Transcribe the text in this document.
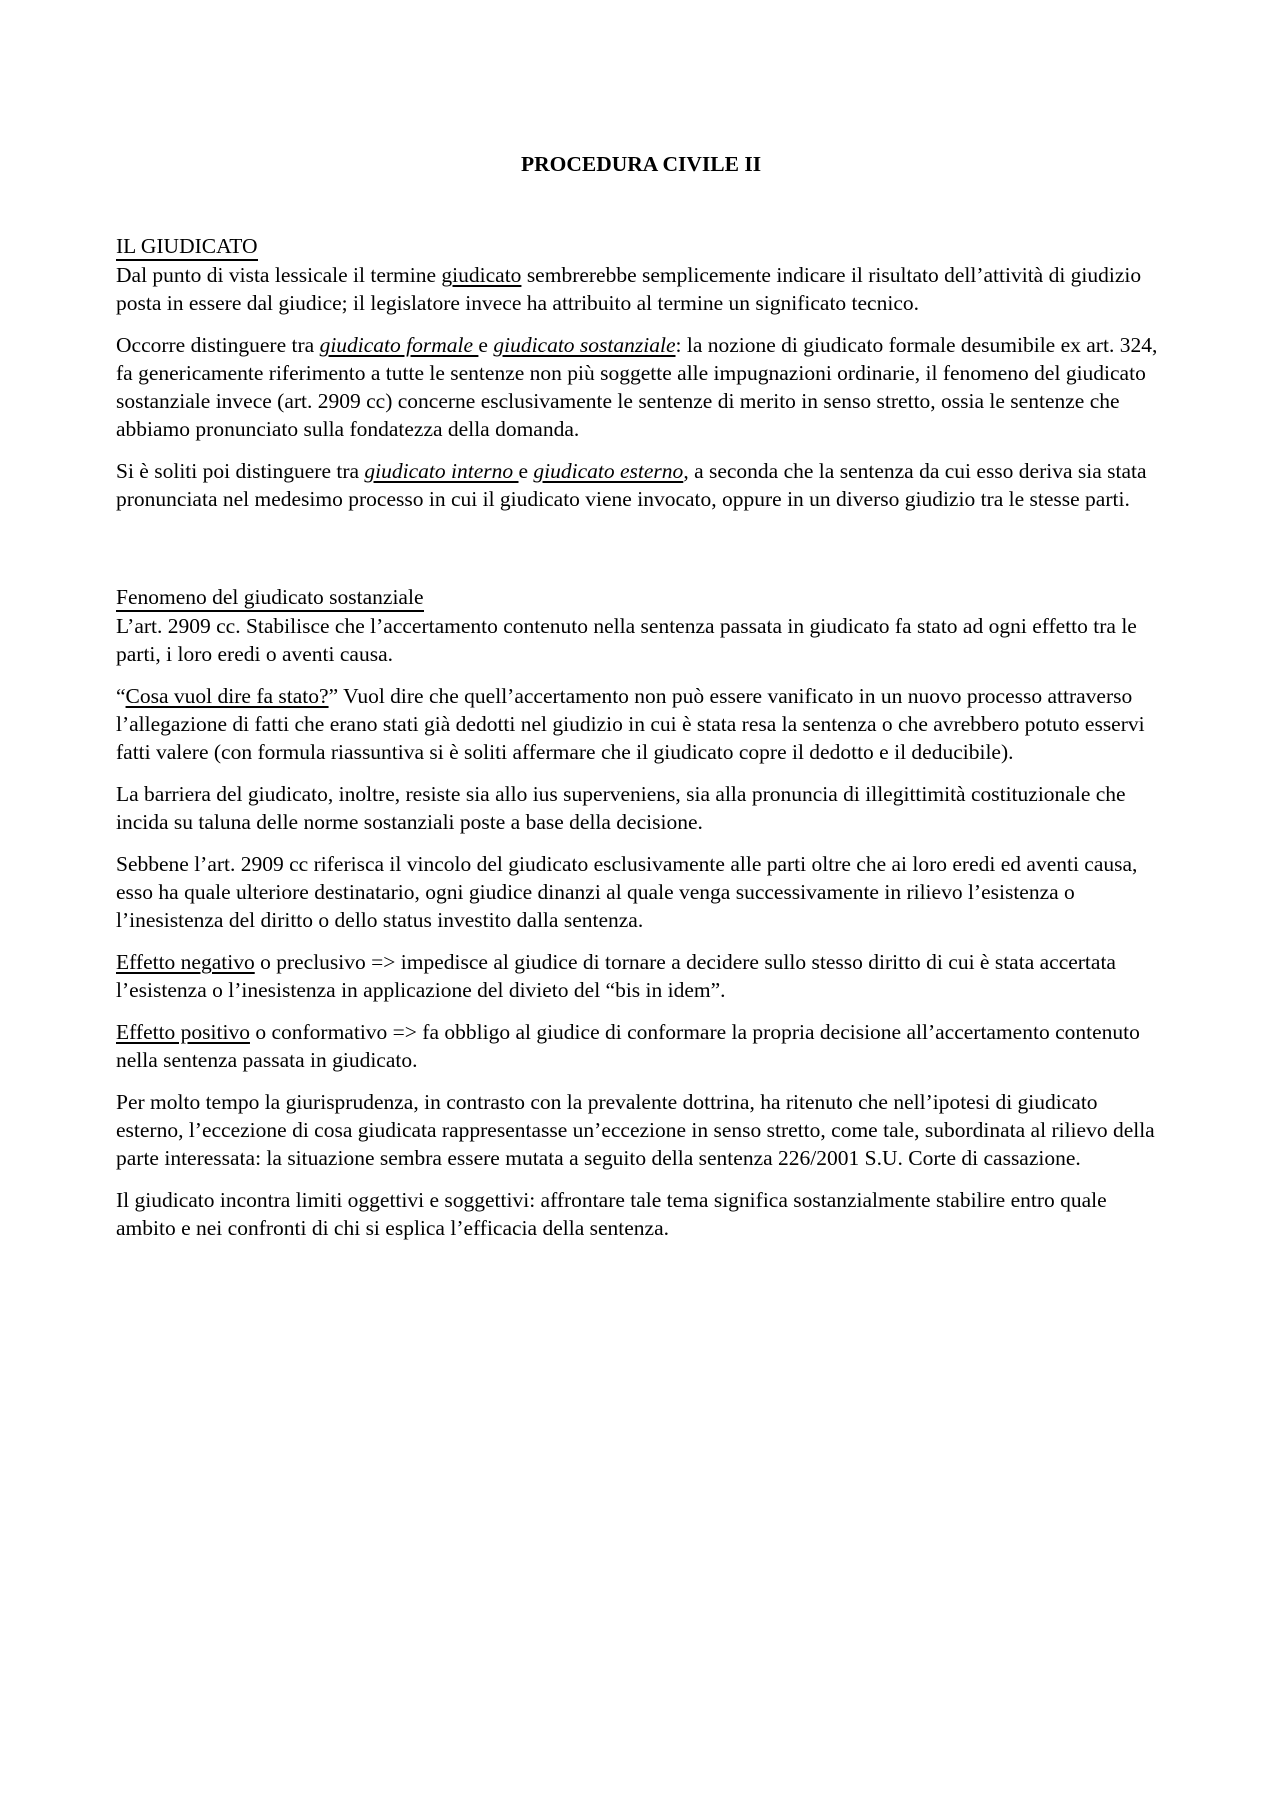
PROCEDURA CIVILE II
IL GIUDICATO

Dal punto di vista lessicale il termine giudicato sembrerebbe semplicemente indicare il risultato dell’attività di giudizio posta in essere dal giudice; il legislatore invece ha attribuito al termine un significato tecnico.

Occorre distinguere tra giudicato formale e giudicato sostanziale: la nozione di giudicato formale desumibile ex art. 324, fa genericamente riferimento a tutte le sentenze non più soggette alle impugnazioni ordinarie, il fenomeno del giudicato sostanziale invece (art. 2909 cc) concerne esclusivamente le sentenze di merito in senso stretto, ossia le sentenze che abbiamo pronunciato sulla fondatezza della domanda.

Si è soliti poi distinguere tra giudicato interno e giudicato esterno, a seconda che la sentenza da cui esso deriva sia stata pronunciata nel medesimo processo in cui il giudicato viene invocato, oppure in un diverso giudizio tra le stesse parti.

Fenomeno del giudicato sostanziale

L’art. 2909 cc. Stabilisce che l’accertamento contenuto nella sentenza passata in giudicato fa stato ad ogni effetto tra le parti, i loro eredi o aventi causa.

“Cosa vuol dire fa stato?” Vuol dire che quell’accertamento non può essere vanificato in un nuovo processo attraverso l’allegazione di fatti che erano stati già dedotti nel giudizio in cui è stata resa la sentenza o che avrebbero potuto esservi fatti valere (con formula riassuntiva si è soliti affermare che il giudicato copre il dedotto e il deducibile).

La barriera del giudicato, inoltre, resiste sia allo ius superveniens, sia alla pronuncia di illegittimità costituzionale che incida su taluna delle norme sostanziali poste a base della decisione.

Sebbene l’art. 2909 cc riferisca il vincolo del giudicato esclusivamente alle parti oltre che ai loro eredi ed aventi causa, esso ha quale ulteriore destinatario, ogni giudice dinanzi al quale venga successivamente in rilievo l’esistenza o l’inesistenza del diritto o dello status investito dalla sentenza.

Effetto negativo o preclusivo => impedisce al giudice di tornare a decidere sullo stesso diritto di cui è stata accertata l’esistenza o l’inesistenza in applicazione del divieto del “bis in idem”.

Effetto positivo o conformativo => fa obbligo al giudice di conformare la propria decisione all’accertamento contenuto nella sentenza passata in giudicato.

Per molto tempo la giurisprudenza, in contrasto con la prevalente dottrina, ha ritenuto che nell’ipotesi di giudicato esterno, l’eccezione di cosa giudicata rappresentasse un’eccezione in senso stretto, come tale, subordinata al rilievo della parte interessata: la situazione sembra essere mutata a seguito della sentenza 226/2001 S.U. Corte di cassazione.

Il giudicato incontra limiti oggettivi e soggettivi: affrontare tale tema significa sostanzialmente stabilire entro quale ambito e nei confronti di chi si esplica l’efficacia della sentenza.
